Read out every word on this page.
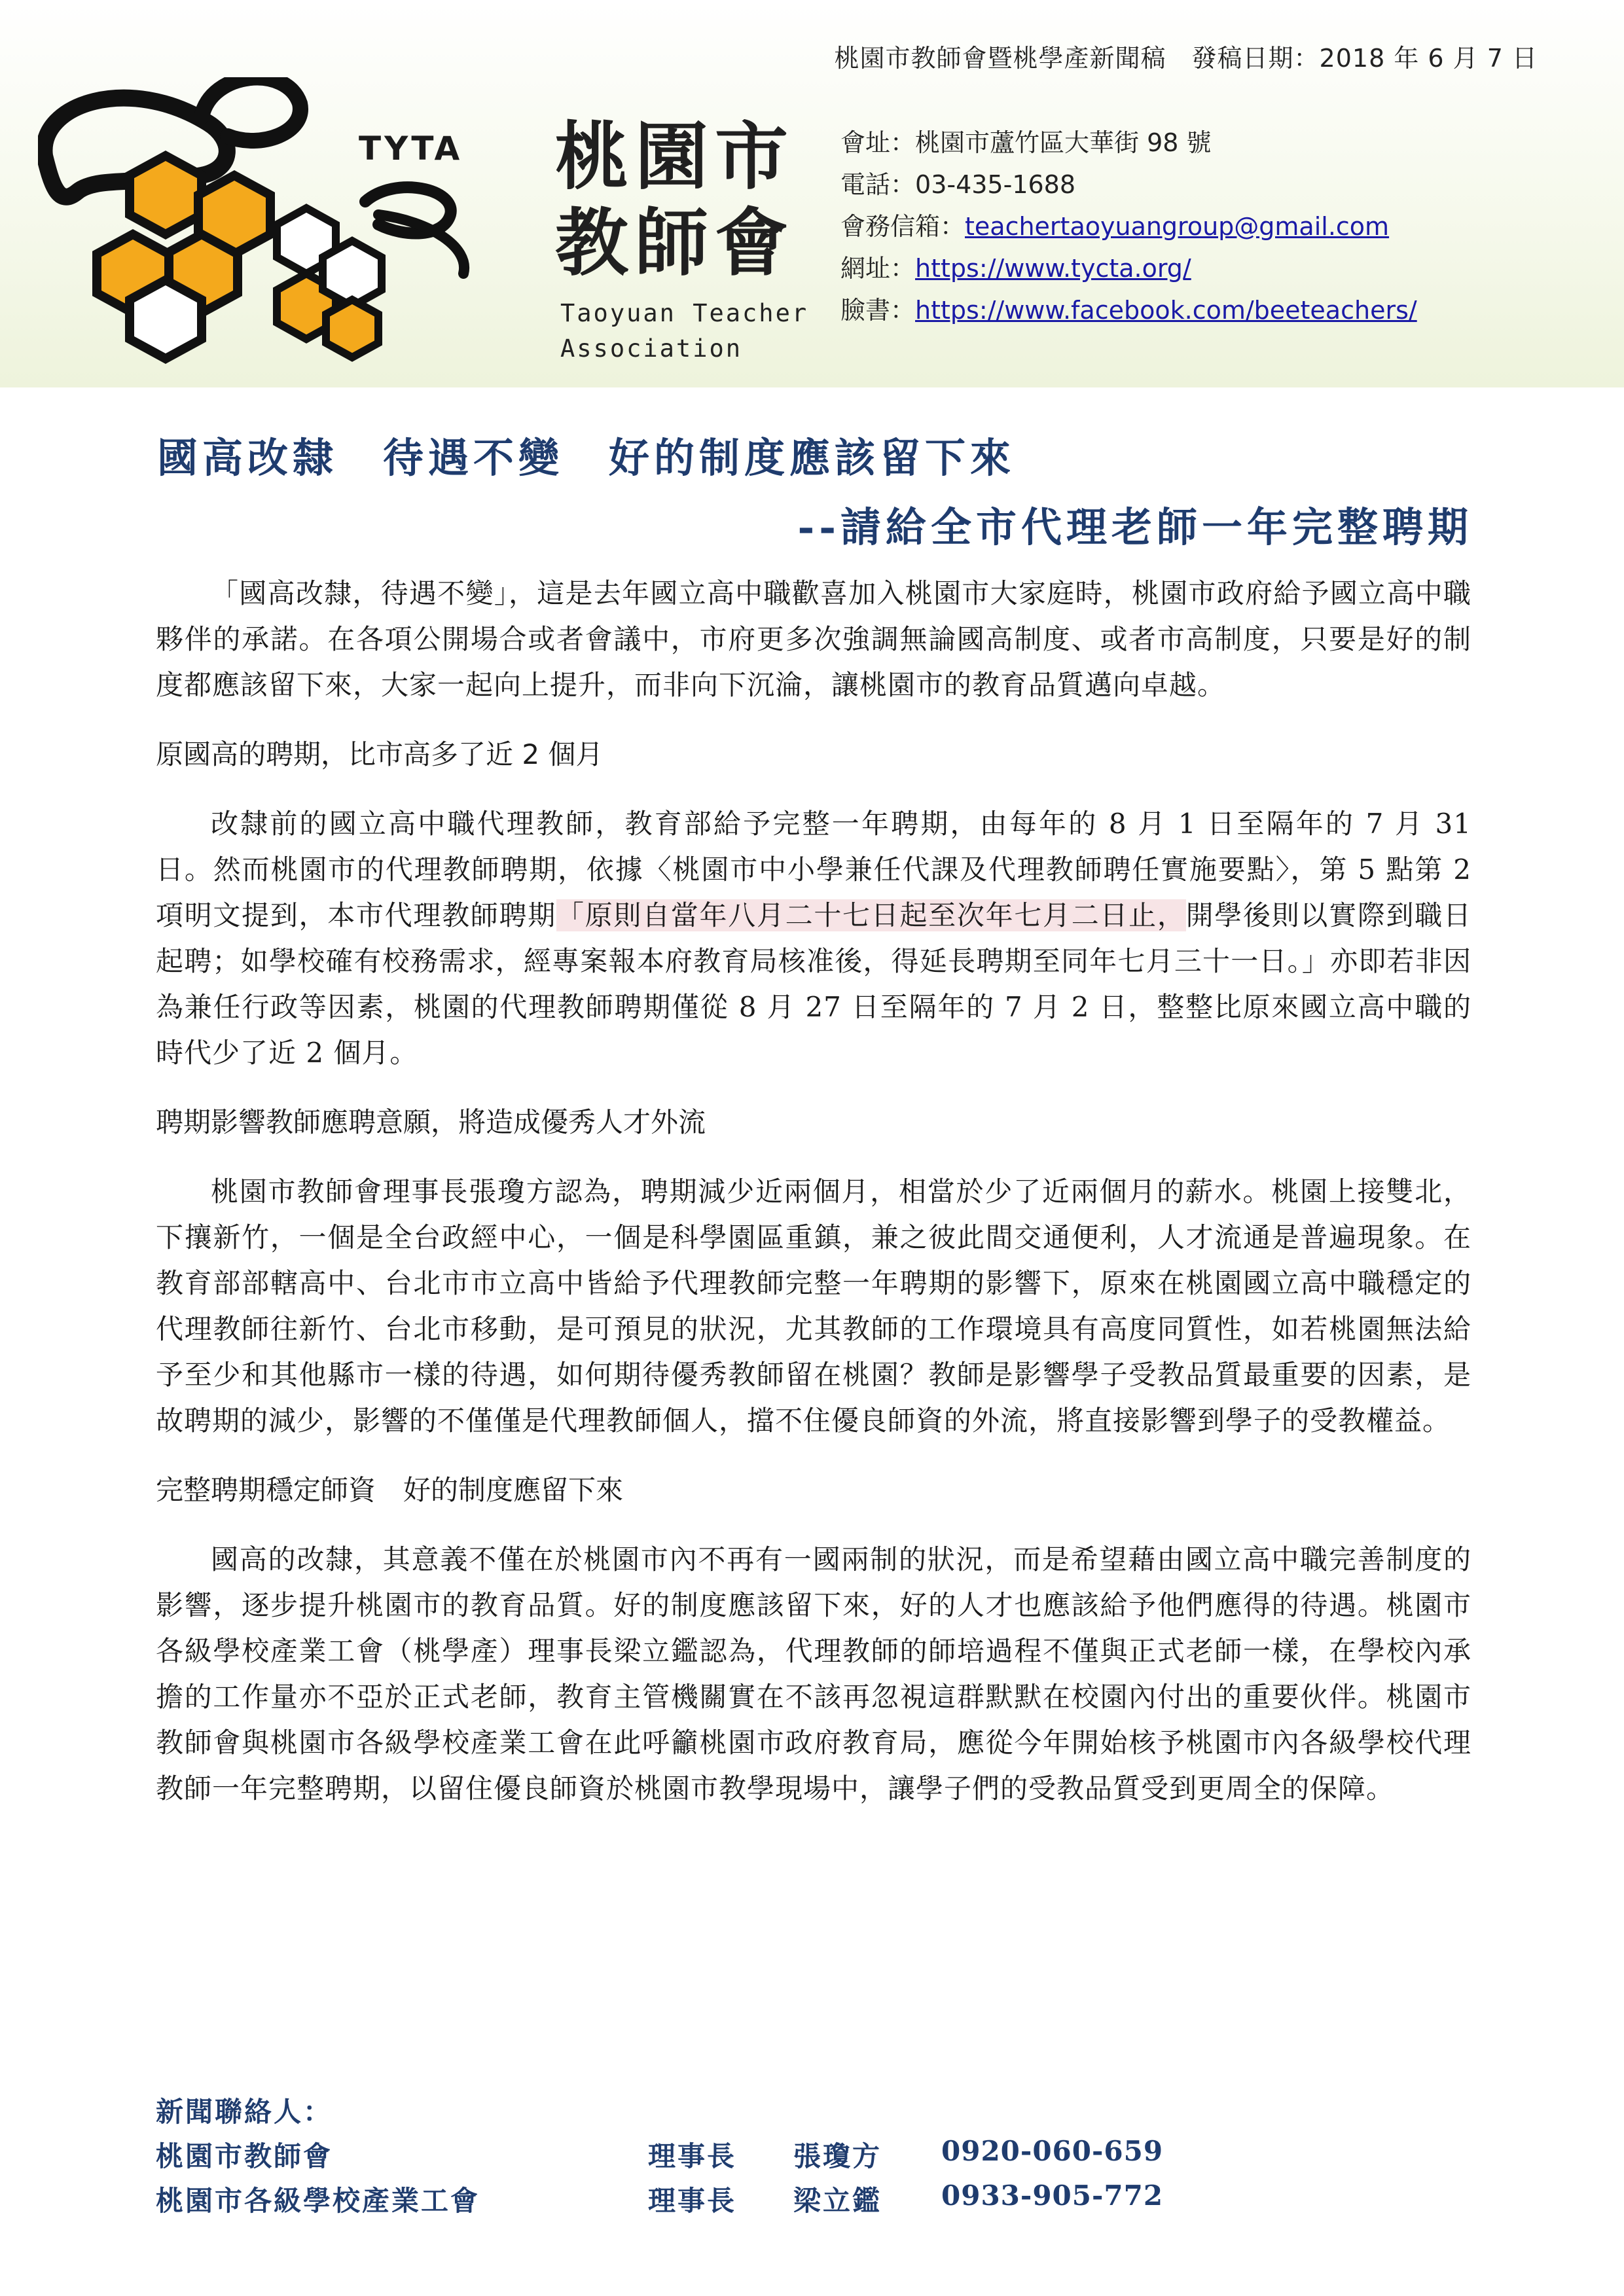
桃園市教師會暨桃學產新聞稿　發稿日期：2018 年 6 月 7 日
TYTA 桃園市
教師會
Taoyuan Teacher
Association
會址：桃園市蘆竹區大華街 98 號
電話：03-435-1688
會務信箱：teachertaoyuangroup@gmail.com
網址：https://www.tycta.org/
臉書：https://www.facebook.com/beeteachers/
國高改隸　待遇不變　好的制度應該留下來
--請給全市代理老師一年完整聘期

「國高改隸，待遇不變」，這是去年國立高中職歡喜加入桃園市大家庭時，桃園市政府給予國立高中職夥伴的承諾。在各項公開場合或者會議中，市府更多次強調無論國高制度、或者市高制度，只要是好的制度都應該留下來，大家一起向上提升，而非向下沉淪，讓桃園市的教育品質邁向卓越。

原國高的聘期，比市高多了近 2 個月

改隸前的國立高中職代理教師，教育部給予完整一年聘期，由每年的 8 月 1 日至隔年的 7 月 31 日。然而桃園市的代理教師聘期，依據〈桃園市中小學兼任代課及代理教師聘任實施要點〉，第 5 點第 2 項明文提到，本市代理教師聘期「原則自當年八月二十七日起至次年七月二日止，開學後則以實際到職日起聘；如學校確有校務需求，經專案報本府教育局核准後，得延長聘期至同年七月三十一日。」亦即若非因為兼任行政等因素，桃園的代理教師聘期僅從 8 月 27 日至隔年的 7 月 2 日，整整比原來國立高中職的時代少了近 2 個月。

聘期影響教師應聘意願，將造成優秀人才外流

桃園市教師會理事長張瓊方認為，聘期減少近兩個月，相當於少了近兩個月的薪水。桃園上接雙北，下攘新竹，一個是全台政經中心，一個是科學園區重鎮，兼之彼此間交通便利，人才流通是普遍現象。在教育部部轄高中、台北市市立高中皆給予代理教師完整一年聘期的影響下，原來在桃園國立高中職穩定的代理教師往新竹、台北市移動，是可預見的狀況，尤其教師的工作環境具有高度同質性，如若桃園無法給予至少和其他縣市一樣的待遇，如何期待優秀教師留在桃園？教師是影響學子受教品質最重要的因素，是故聘期的減少，影響的不僅僅是代理教師個人，擋不住優良師資的外流，將直接影響到學子的受教權益。

完整聘期穩定師資　好的制度應留下來

國高的改隸，其意義不僅在於桃園市內不再有一國兩制的狀況，而是希望藉由國立高中職完善制度的影響，逐步提升桃園市的教育品質。好的制度應該留下來，好的人才也應該給予他們應得的待遇。桃園市各級學校產業工會（桃學產）理事長梁立鑑認為，代理教師的師培過程不僅與正式老師一樣，在學校內承擔的工作量亦不亞於正式老師，教育主管機關實在不該再忽視這群默默在校園內付出的重要伙伴。桃園市教師會與桃園市各級學校產業工會在此呼籲桃園市政府教育局，應從今年開始核予桃園市內各級學校代理教師一年完整聘期，以留住優良師資於桃園市教學現場中，讓學子們的受教品質受到更周全的保障。

新聞聯絡人：
桃園市教師會	理事長 張瓊方 0920-060-659
桃園市各級學校產業工會	理事長 梁立鑑 0933-905-772
